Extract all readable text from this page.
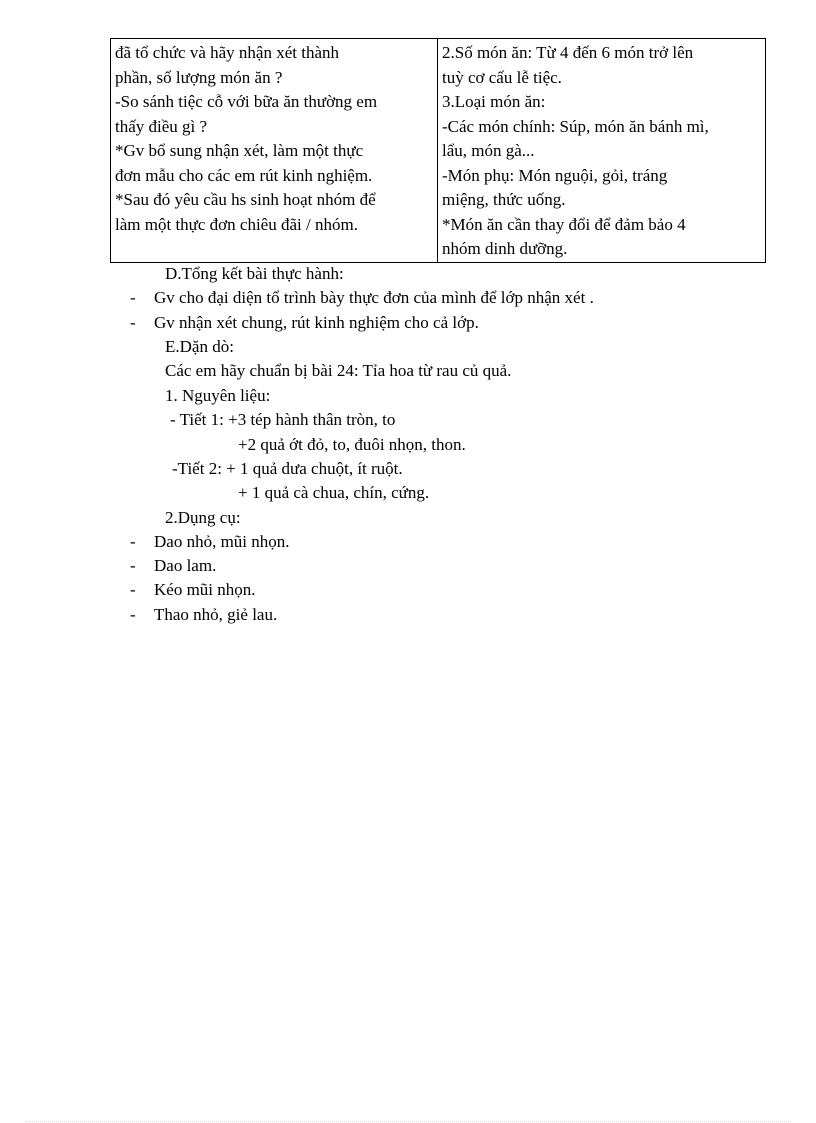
đã tổ chức và hãy nhận xét thành
phần, số lượng món ăn ?
-So sánh tiệc cỗ với bữa ăn thường em
thấy điều gì ?
*Gv bổ sung nhận xét, làm một thực
đơn mẫu cho các em rút kinh nghiệm.
*Sau đó yêu cầu hs sinh hoạt nhóm để
làm một thực đơn chiêu đãi / nhóm.

2.Số món ăn: Từ 4 đến 6 món trở lên
tuỳ cơ cấu lễ tiệc.
3.Loại món ăn:
-Các món chính: Súp, món ăn bánh mì,
lẩu, món gà...
-Món phụ: Món nguội, gỏi, tráng
miệng, thức uống.
*Món ăn cần thay đổi để đảm bảo 4
nhóm dinh dưỡng.
D.Tổng kết bài thực hành:
- Gv cho đại diện tổ trình bày thực đơn của mình để lớp nhận xét .
- Gv nhận xét chung, rút kinh nghiệm cho cả lớp.
E.Dặn dò:
Các em hãy chuẩn bị bài 24: Tỉa hoa từ rau củ quả.
1. Nguyên liệu:
- Tiết 1: +3 tép hành thân tròn, to
+2 quả ớt đỏ, to, đuôi nhọn, thon.
-Tiết 2: + 1 quả dưa chuột, ít ruột.
+ 1 quả cà chua, chín, cứng.
2.Dụng cụ:
- Dao nhỏ, mũi nhọn.
- Dao lam.
- Kéo mũi nhọn.
- Thao nhỏ, giẻ lau.
